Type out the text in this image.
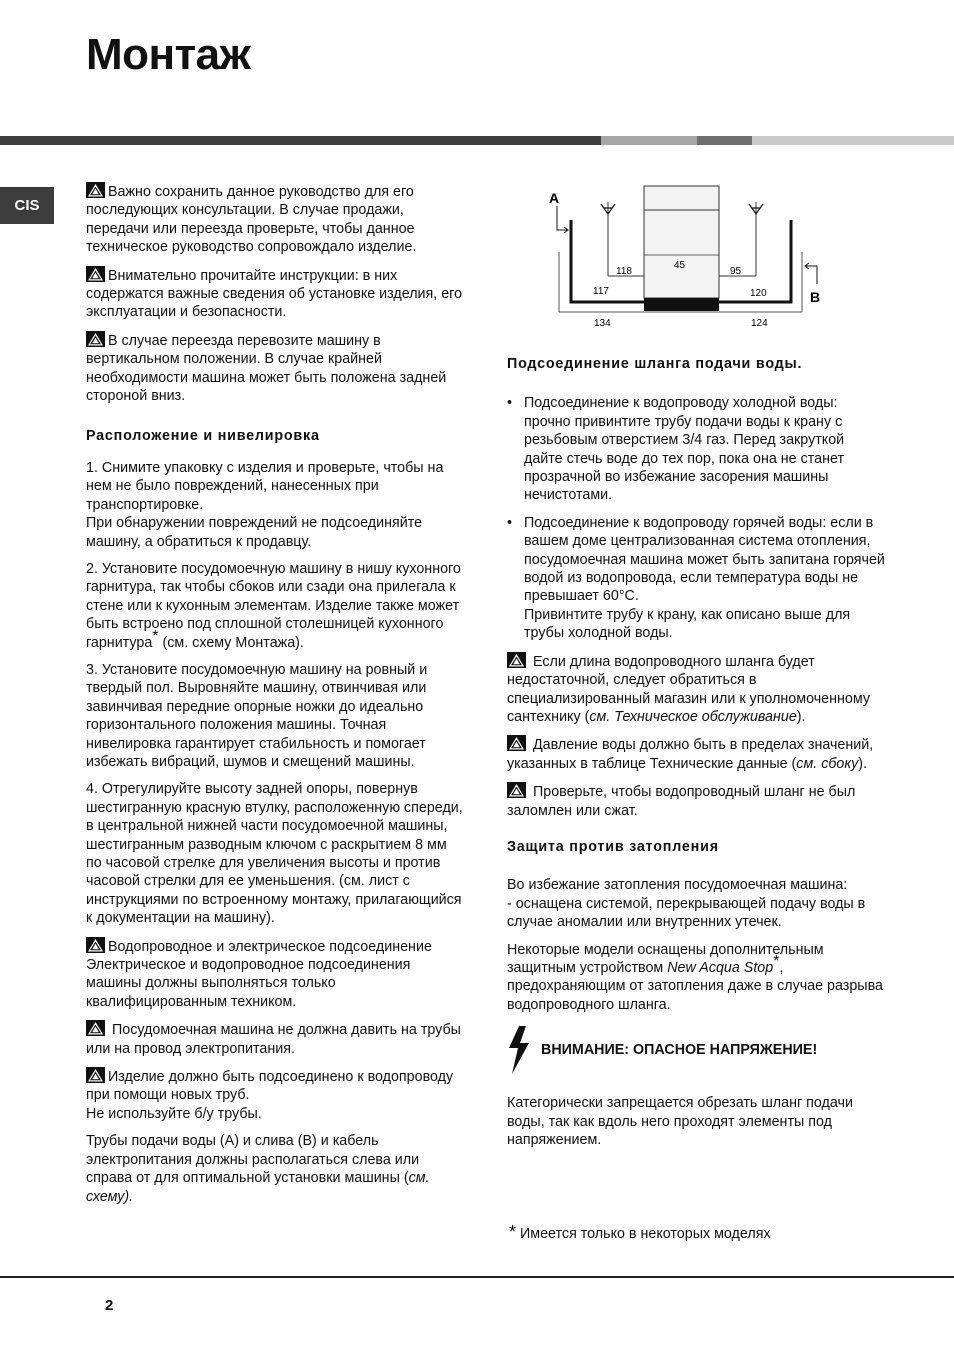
Монтаж
CIS

Важно сохранить данное руководство для его последующих консультации. В случае продажи, передачи или переезда проверьте, чтобы данное техническое руководство сопровождало изделие.

Внимательно прочитайте инструкции: в них содержатся важные сведения об установке изделия, его эксплуатации и безопасности.

В случае переезда перевозите машину в вертикальном положении. В случае крайней необходимости машина может быть положена задней стороной вниз.

Расположение и нивелировка

1. Снимите упаковку с изделия и проверьте, чтобы на нем не было повреждений, нанесенных при транспортировке.
При обнаружении повреждений не подсоединяйте машину, а обратиться к продавцу.

2. Установите посудомоечную машину в нишу кухонного гарнитура, так чтобы сбоков или сзади она прилегала к стене или к кухонным элементам. Изделие также может быть встроено под сплошной столешницей кухонного гарнитура* (см. схему Монтажа).

3. Установите посудомоечную машину на ровный и твердый пол. Выровняйте машину, отвинчивая или завинчивая передние опорные ножки до идеально горизонтального положения машины. Точная нивелировка гарантирует стабильность и помогает избежать вибраций, шумов и смещений машины.

4. Отрегулируйте высоту задней опоры, повернув шестигранную красную втулку, расположенную спереди, в центральной нижней части посудомоечной машины, шестигранным разводным ключом с раскрытием 8 мм по часовой стрелке для увеличения высоты и против часовой стрелки для ее уменьшения. (см. лист с инструкциями по встроенному монтажу, прилагающийся к документации на машину).

Водопроводное и электрическое подсоединение Электрическое и водопроводное подсоединения машины должны выполняться только квалифицированным техником.

Посудомоечная машина не должна давить на трубы или на провод электропитания.

Изделие должно быть подсоединено к водопроводу при помощи новых труб.
Не используйте б/у трубы.

Трубы подачи воды (А) и слива (В) и кабель электропитания должны располагаться слева или справа от для оптимальной установки машины (см. схему).

A
B
45
118	95
117	120
134	124
Подсоединение шланга подачи воды.
• Подсоединение к водопроводу холодной воды: прочно привинтите трубу подачи воды к крану с резьбовым отверстием 3/4 газ. Перед закруткой дайте стечь воде до тех пор, пока она не станет прозрачной во избежание засорения машины нечистотами.
• Подсоединение к водопроводу горячей воды: если в вашем доме централизованная система отопления, посудомоечная машина может быть запитана горячей водой из водопровода, если температура воды не превышает 60°C.
Привинтите трубу к крану, как описано выше для трубы холодной воды.

Если длина водопроводного шланга будет недостаточной, следует обратиться в специализированный магазин или к уполномоченному сантехнику (см. Техническое обслуживание).

Давление воды должно быть в пределах значений, указанных в таблице Технические данные (см. сбоку).

Проверьте, чтобы водопроводный шланг не был заломлен или сжат.

Защита против затопления

Во избежание затопления посудомоечная машина:
- оснащена системой, перекрывающей подачу воды в случае аномалии или внутренних утечек.

Некоторые модели оснащены дополнительным защитным устройством New Acqua Stop*, предохраняющим от затопления даже в случае разрыва водопроводного шланга.

ВНИМАНИЕ: ОПАСНОЕ НАПРЯЖЕНИЕ!

Категорически запрещается обрезать шланг подачи воды, так как вдоль него проходят элементы под напряжением.

* Имеется только в некоторых моделях
2
